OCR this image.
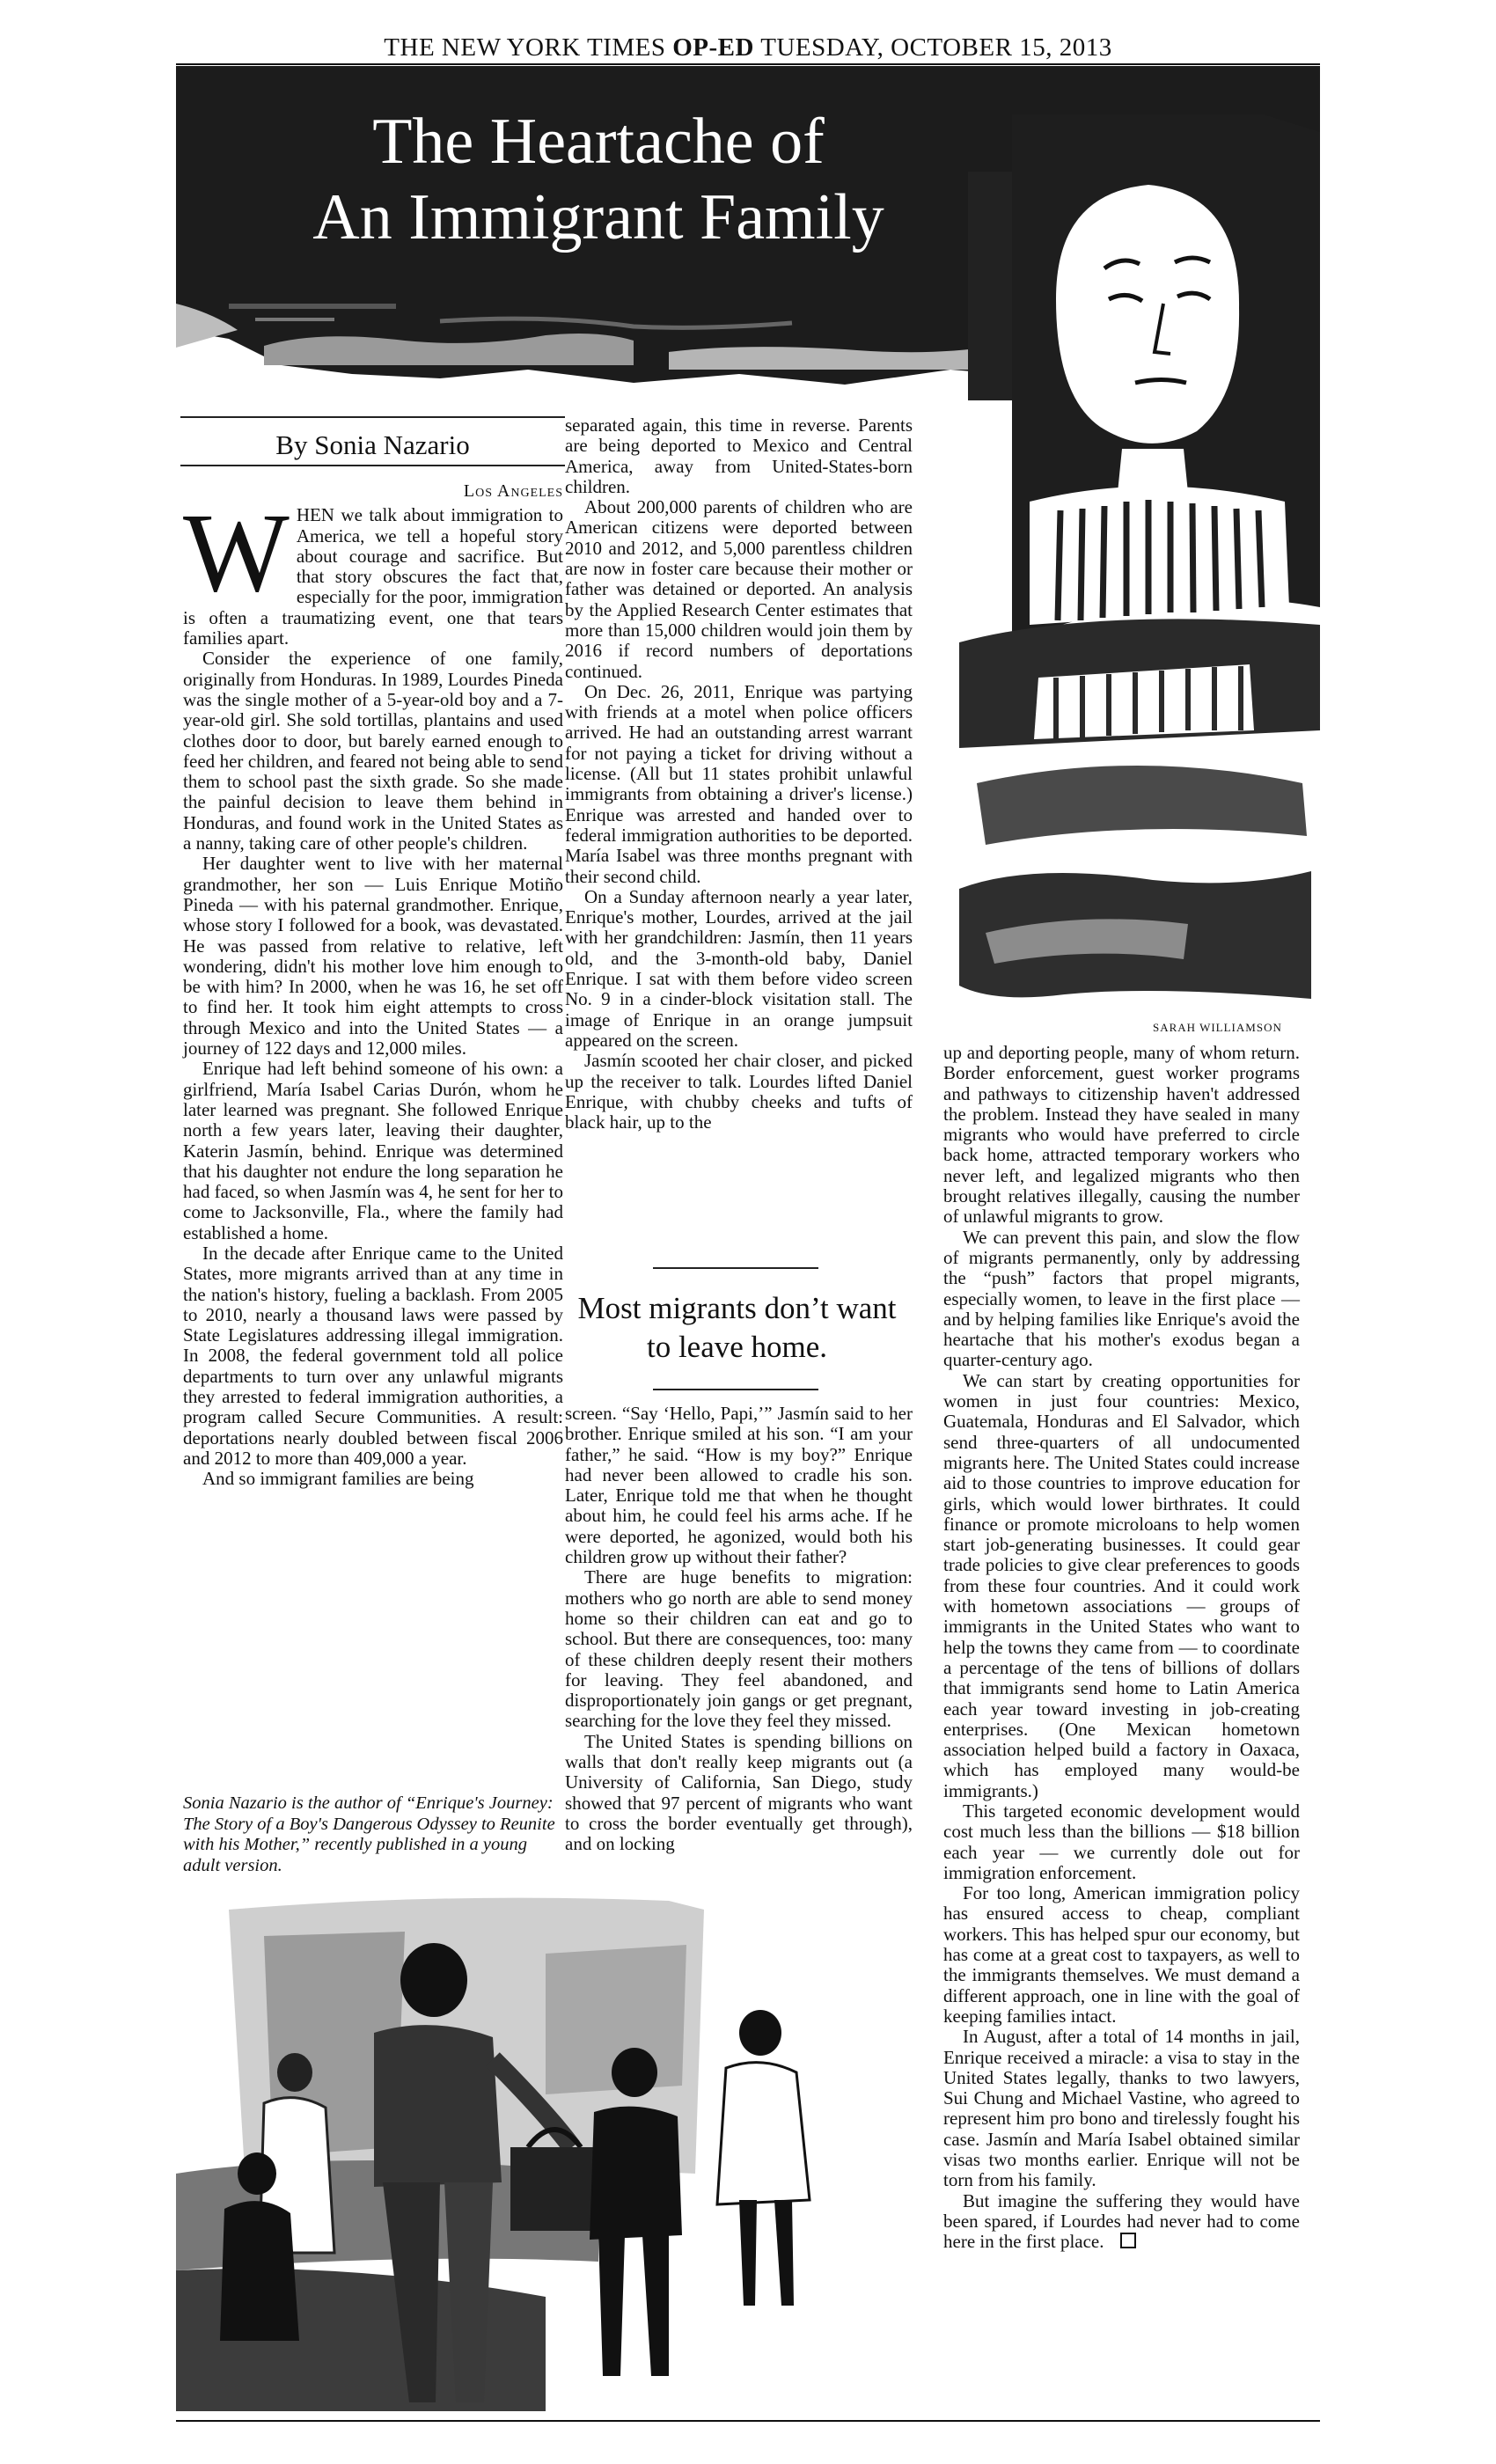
THE NEW YORK TIMES OP-ED TUESDAY, OCTOBER 15, 2013
The Heartache of
An Immigrant Family
SARAH WILLIAMSON
By Sonia Nazario
Los Angeles

WHEN we talk about immigration to America, we tell a hopeful story about courage and sacrifice. But that story obscures the fact that, especially for the poor, immigration is often a traumatizing event, one that tears families apart.

Consider the experience of one family, originally from Honduras. In 1989, Lourdes Pineda was the single mother of a 5-year-old boy and a 7-year-old girl. She sold tortillas, plantains and used clothes door to door, but barely earned enough to feed her children, and feared not being able to send them to school past the sixth grade. So she made the painful decision to leave them behind in Honduras, and found work in the United States as a nanny, taking care of other people's children.

Her daughter went to live with her maternal grandmother, her son — Luis Enrique Motiño Pineda — with his paternal grandmother. Enrique, whose story I followed for a book, was devastated. He was passed from relative to relative, left wondering, didn't his mother love him enough to be with him? In 2000, when he was 16, he set off to find her. It took him eight attempts to cross through Mexico and into the United States — a journey of 122 days and 12,000 miles.

Enrique had left behind someone of his own: a girlfriend, María Isabel Carias Durón, whom he later learned was pregnant. She followed Enrique north a few years later, leaving their daughter, Katerin Jasmín, behind. Enrique was determined that his daughter not endure the long separation he had faced, so when Jasmín was 4, he sent for her to come to Jacksonville, Fla., where the family had established a home.

In the decade after Enrique came to the United States, more migrants arrived than at any time in the nation's history, fueling a backlash. From 2005 to 2010, nearly a thousand laws were passed by State Legislatures addressing illegal immigration. In 2008, the federal government told all police departments to turn over any unlawful migrants they arrested to federal immigration authorities, a program called Secure Communities. A result: deportations nearly doubled between fiscal 2006 and 2012 to more than 409,000 a year.

And so immigrant families are being

Sonia Nazario is the author of “Enrique's Journey: The Story of a Boy's Dangerous Odyssey to Reunite with his Mother,” recently published in a young adult version.

separated again, this time in reverse. Parents are being deported to Mexico and Central America, away from United-States-born children.

About 200,000 parents of children who are American citizens were deported between 2010 and 2012, and 5,000 parentless children are now in foster care because their mother or father was detained or deported. An analysis by the Applied Research Center estimates that more than 15,000 children would join them by 2016 if record numbers of deportations continued.

On Dec. 26, 2011, Enrique was partying with friends at a motel when police officers arrived. He had an outstanding arrest warrant for not paying a ticket for driving without a license. (All but 11 states prohibit unlawful immigrants from obtaining a driver's license.) Enrique was arrested and handed over to federal immigration authorities to be deported. María Isabel was three months pregnant with their second child.

On a Sunday afternoon nearly a year later, Enrique's mother, Lourdes, arrived at the jail with her grandchildren: Jasmín, then 11 years old, and the 3-month-old baby, Daniel Enrique. I sat with them before video screen No. 9 in a cinder-block visitation stall. The image of Enrique in an orange jumpsuit appeared on the screen.

Jasmín scooted her chair closer, and picked up the receiver to talk. Lourdes lifted Daniel Enrique, with chubby cheeks and tufts of black hair, up to the

Most migrants don’t want to leave home.

screen. “Say ‘Hello, Papi,’” Jasmín said to her brother. Enrique smiled at his son. “I am your father,” he said. “How is my boy?” Enrique had never been allowed to cradle his son. Later, Enrique told me that when he thought about him, he could feel his arms ache. If he were deported, he agonized, would both his children grow up without their father?

There are huge benefits to migration: mothers who go north are able to send money home so their children can eat and go to school. But there are consequences, too: many of these children deeply resent their mothers for leaving. They feel abandoned, and disproportionately join gangs or get pregnant, searching for the love they feel they missed.

The United States is spending billions on walls that don't really keep migrants out (a University of California, San Diego, study showed that 97 percent of migrants who want to cross the border eventually get through), and on locking

up and deporting people, many of whom return. Border enforcement, guest worker programs and pathways to citizenship haven't addressed the problem. Instead they have sealed in many migrants who would have preferred to circle back home, attracted temporary workers who never left, and legalized migrants who then brought relatives illegally, causing the number of unlawful migrants to grow.

We can prevent this pain, and slow the flow of migrants permanently, only by addressing the “push” factors that propel migrants, especially women, to leave in the first place — and by helping families like Enrique's avoid the heartache that his mother's exodus began a quarter-century ago.

We can start by creating opportunities for women in just four countries: Mexico, Guatemala, Honduras and El Salvador, which send three-quarters of all undocumented migrants here. The United States could increase aid to those countries to improve education for girls, which would lower birthrates. It could finance or promote microloans to help women start job-generating businesses. It could gear trade policies to give clear preferences to goods from these four countries. And it could work with hometown associations — groups of immigrants in the United States who want to help the towns they came from — to coordinate a percentage of the tens of billions of dollars that immigrants send home to Latin America each year toward investing in job-creating enterprises. (One Mexican hometown association helped build a factory in Oaxaca, which has employed many would-be immigrants.)

This targeted economic development would cost much less than the billions — $18 billion each year — we currently dole out for immigration enforcement.

For too long, American immigration policy has ensured access to cheap, compliant workers. This has helped spur our economy, but has come at a great cost to taxpayers, as well to the immigrants themselves. We must demand a different approach, one in line with the goal of keeping families intact.

In August, after a total of 14 months in jail, Enrique received a miracle: a visa to stay in the United States legally, thanks to two lawyers, Sui Chung and Michael Vastine, who agreed to represent him pro bono and tirelessly fought his case. Jasmín and María Isabel obtained similar visas two months earlier. Enrique will not be torn from his family.

But imagine the suffering they would have been spared, if Lourdes had never had to come here in the first place.
